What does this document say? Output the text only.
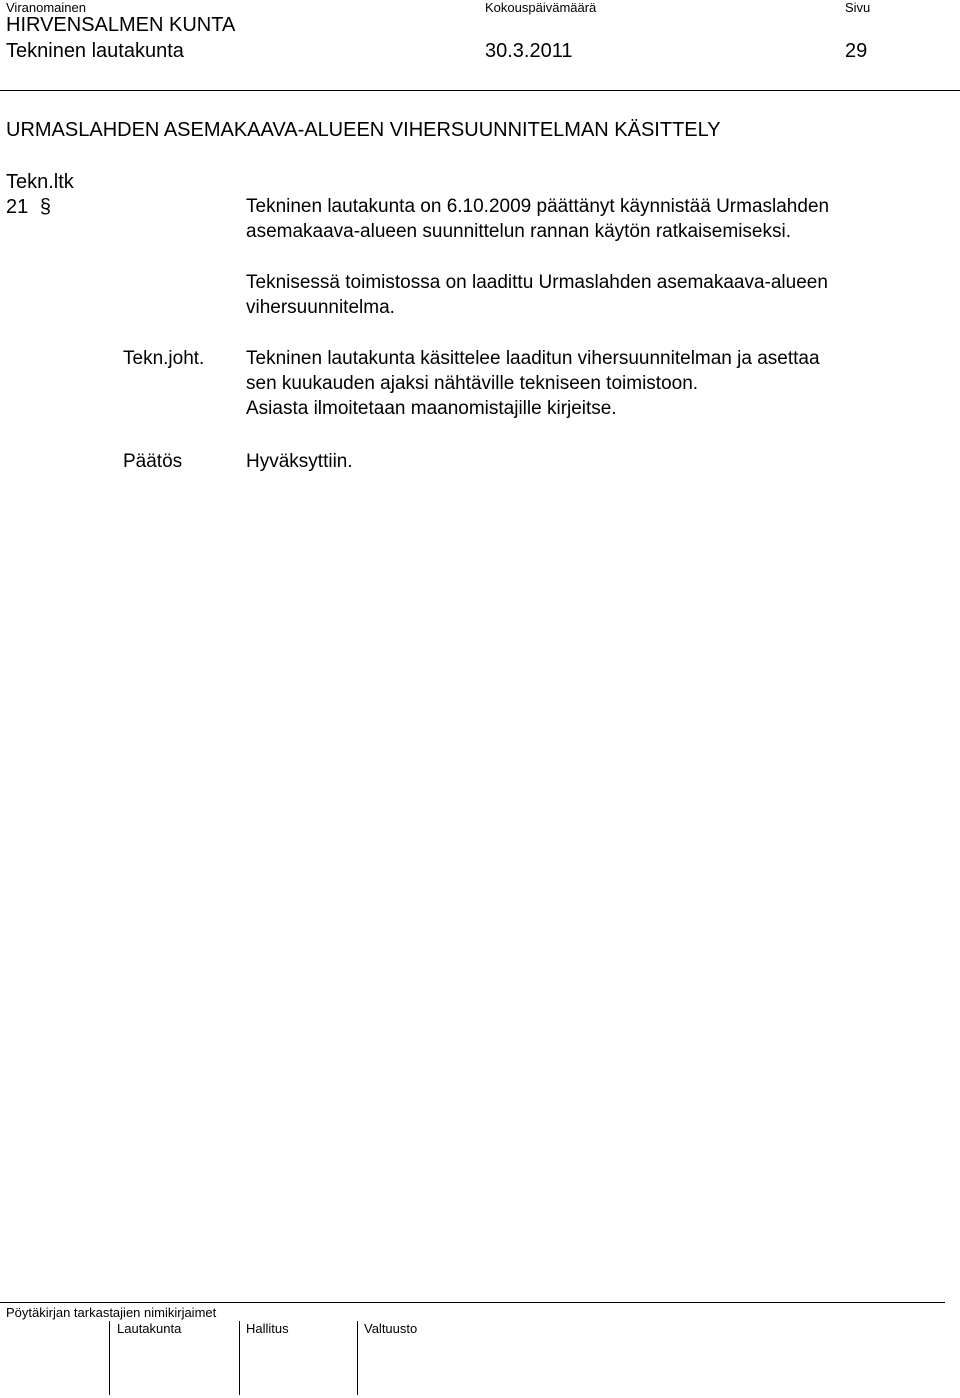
Viranomainen	Kokouspäivämäärä	Sivu
HIRVENSALMEN KUNTA
Tekninen lautakunta	30.3.2011	29
URMASLAHDEN ASEMAKAAVA-ALUEEN VIHERSUUNNITELMAN KÄSITTELY
Tekn.ltk
21 §	Tekninen lautakunta on 6.10.2009 päättänyt käynnistää Urmaslahden
asemakaava-alueen suunnittelun rannan käytön ratkaisemiseksi.
Teknisessä toimistossa on laadittu Urmaslahden asemakaava-alueen
vihersuunnitelma.
Tekn.joht. Tekninen lautakunta käsittelee laaditun vihersuunnitelman ja asettaa
sen kuukauden ajaksi nähtäville tekniseen toimistoon.
Asiasta ilmoitetaan maanomistajille kirjeitse.
Päätös	Hyväksyttiin.
Pöytäkirjan tarkastajien nimikirjaimet
Lautakunta	Hallitus	Valtuusto
